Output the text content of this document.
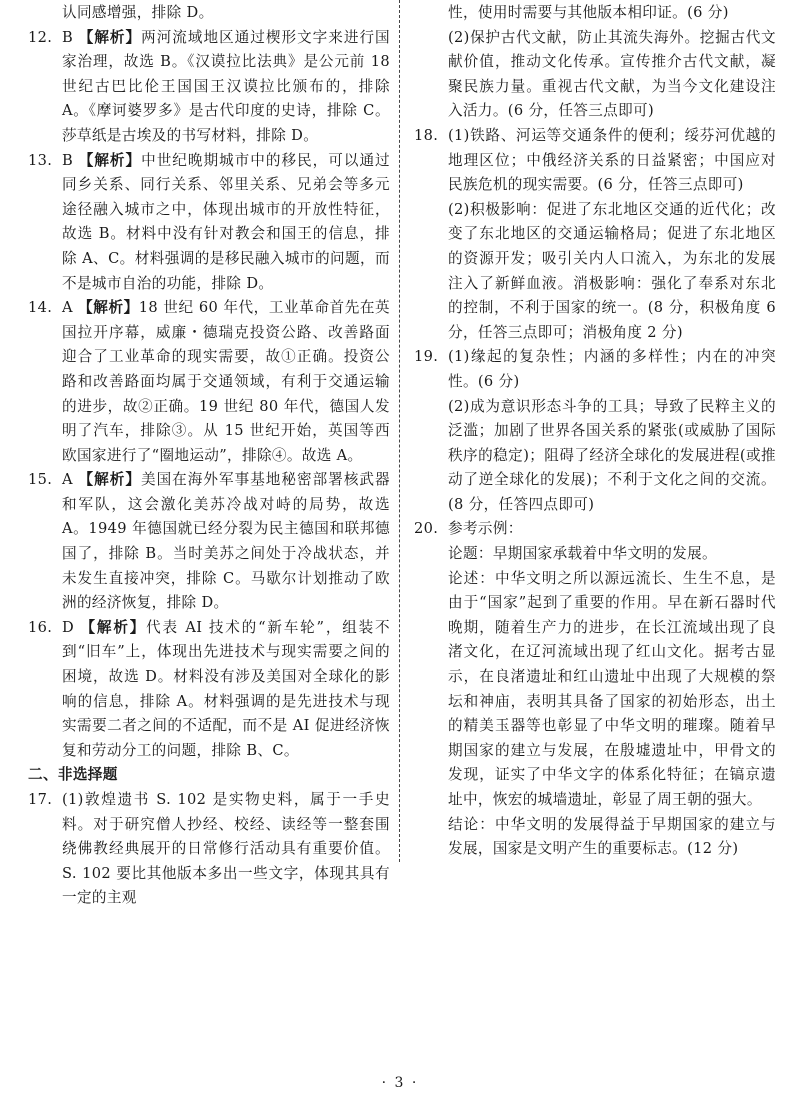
认同感增强，排除 D。
12. B 【解析】两河流域地区通过楔形文字来进行国家治理，故选 B。《汉谟拉比法典》是公元前 18 世纪古巴比伦王国国王汉谟拉比颁布的，排除 A。《摩诃婆罗多》是古代印度的史诗，排除 C。莎草纸是古埃及的书写材料，排除 D。
13. B 【解析】中世纪晚期城市中的移民，可以通过同乡关系、同行关系、邻里关系、兄弟会等多元途径融入城市之中，体现出城市的开放性特征，故选 B。材料中没有针对教会和国王的信息，排除 A、C。材料强调的是移民融入城市的问题，而不是城市自治的功能，排除 D。
14. A 【解析】18 世纪 60 年代，工业革命首先在英国拉开序幕，威廉・德瑞克投资公路、改善路面迎合了工业革命的现实需要，故①正确。投资公路和改善路面均属于交通领域，有利于交通运输的进步，故②正确。19 世纪 80 年代，德国人发明了汽车，排除③。从 15 世纪开始，英国等西欧国家进行了“圈地运动”，排除④。故选 A。
15. A 【解析】美国在海外军事基地秘密部署核武器和军队，这会激化美苏冷战对峙的局势，故选 A。1949 年德国就已经分裂为民主德国和联邦德国了，排除 B。当时美苏之间处于冷战状态，并未发生直接冲突，排除 C。马歇尔计划推动了欧洲的经济恢复，排除 D。
16. D 【解析】代表 AI 技术的“新车轮”，组装不到“旧车”上，体现出先进技术与现实需要之间的困境，故选 D。材料没有涉及美国对全球化的影响的信息，排除 A。材料强调的是先进技术与现实需要二者之间的不适配，而不是 AI 促进经济恢复和劳动分工的问题，排除 B、C。
二、非选择题
17. (1)敦煌遗书 S. 102 是实物史料，属于一手史料。对于研究僧人抄经、校经、读经等一整套围绕佛教经典展开的日常修行活动具有重要价值。S. 102 要比其他版本多出一些文字，体现其具有一定的主观
性，使用时需要与其他版本相印证。(6 分)
(2)保护古代文献，防止其流失海外。挖掘古代文献价值，推动文化传承。宣传推介古代文献，凝聚民族力量。重视古代文献，为当今文化建设注入活力。(6 分，任答三点即可)
18. (1)铁路、河运等交通条件的便利；绥芬河优越的地理区位；中俄经济关系的日益紧密；中国应对民族危机的现实需要。(6 分，任答三点即可)
(2)积极影响：促进了东北地区交通的近代化；改变了东北地区的交通运输格局；促进了东北地区的资源开发；吸引关内人口流入，为东北的发展注入了新鲜血液。消极影响：强化了奉系对东北的控制，不利于国家的统一。(8 分，积极角度 6 分，任答三点即可；消极角度 2 分)
19. (1)缘起的复杂性；内涵的多样性；内在的冲突性。(6 分)
(2)成为意识形态斗争的工具；导致了民粹主义的泛滥；加剧了世界各国关系的紧张(或威胁了国际秩序的稳定)；阻碍了经济全球化的发展进程(或推动了逆全球化的发展)；不利于文化之间的交流。(8 分，任答四点即可)
20. 参考示例：
论题：早期国家承载着中华文明的发展。
论述：中华文明之所以源远流长、生生不息，是由于“国家”起到了重要的作用。早在新石器时代晚期，随着生产力的进步，在长江流域出现了良渚文化，在辽河流域出现了红山文化。据考古显示，在良渚遗址和红山遗址中出现了大规模的祭坛和神庙，表明其具备了国家的初始形态，出土的精美玉器等也彰显了中华文明的璀璨。随着早期国家的建立与发展，在殷墟遗址中，甲骨文的发现，证实了中华文字的体系化特征；在镐京遗址中，恢宏的城墙遗址，彰显了周王朝的强大。
结论：中华文明的发展得益于早期国家的建立与发展，国家是文明产生的重要标志。(12 分)
· 3 ·
